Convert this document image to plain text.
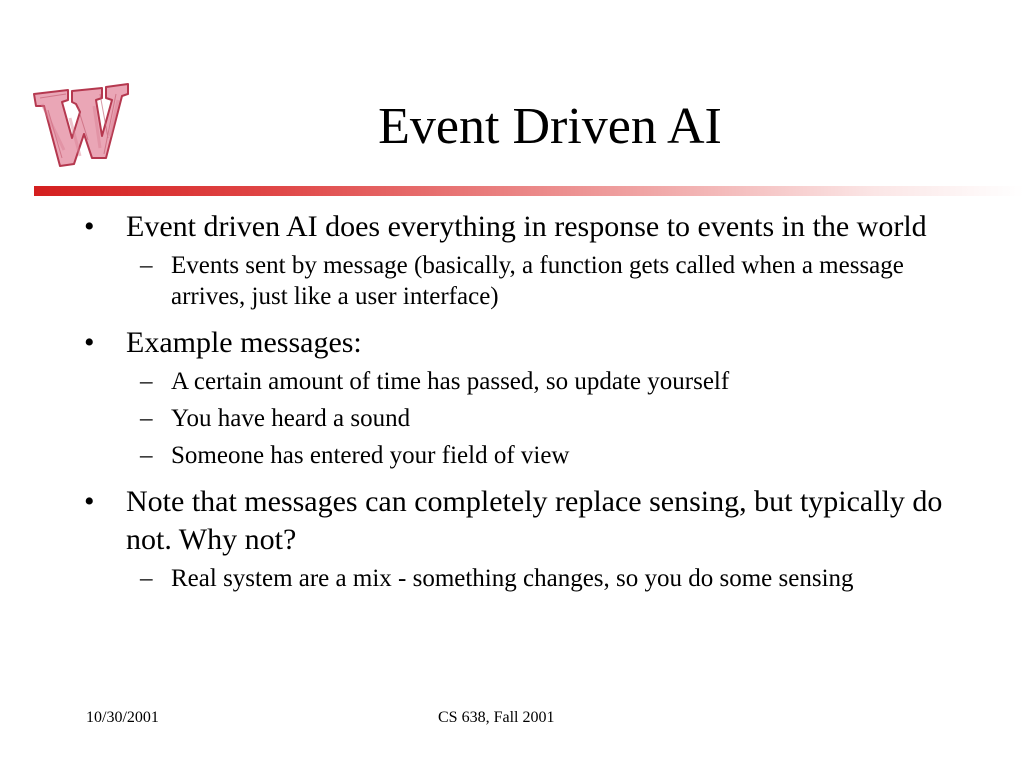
Event Driven AI
• Event driven AI does everything in response to events in the world
– Events sent by message (basically, a function gets called when a message arrives, just like a user interface)
• Example messages:
– A certain amount of time has passed, so update yourself
– You have heard a sound
– Someone has entered your field of view
• Note that messages can completely replace sensing, but typically do not. Why not?
– Real system are a mix - something changes, so you do some sensing
10/30/2001	CS 638, Fall 2001
